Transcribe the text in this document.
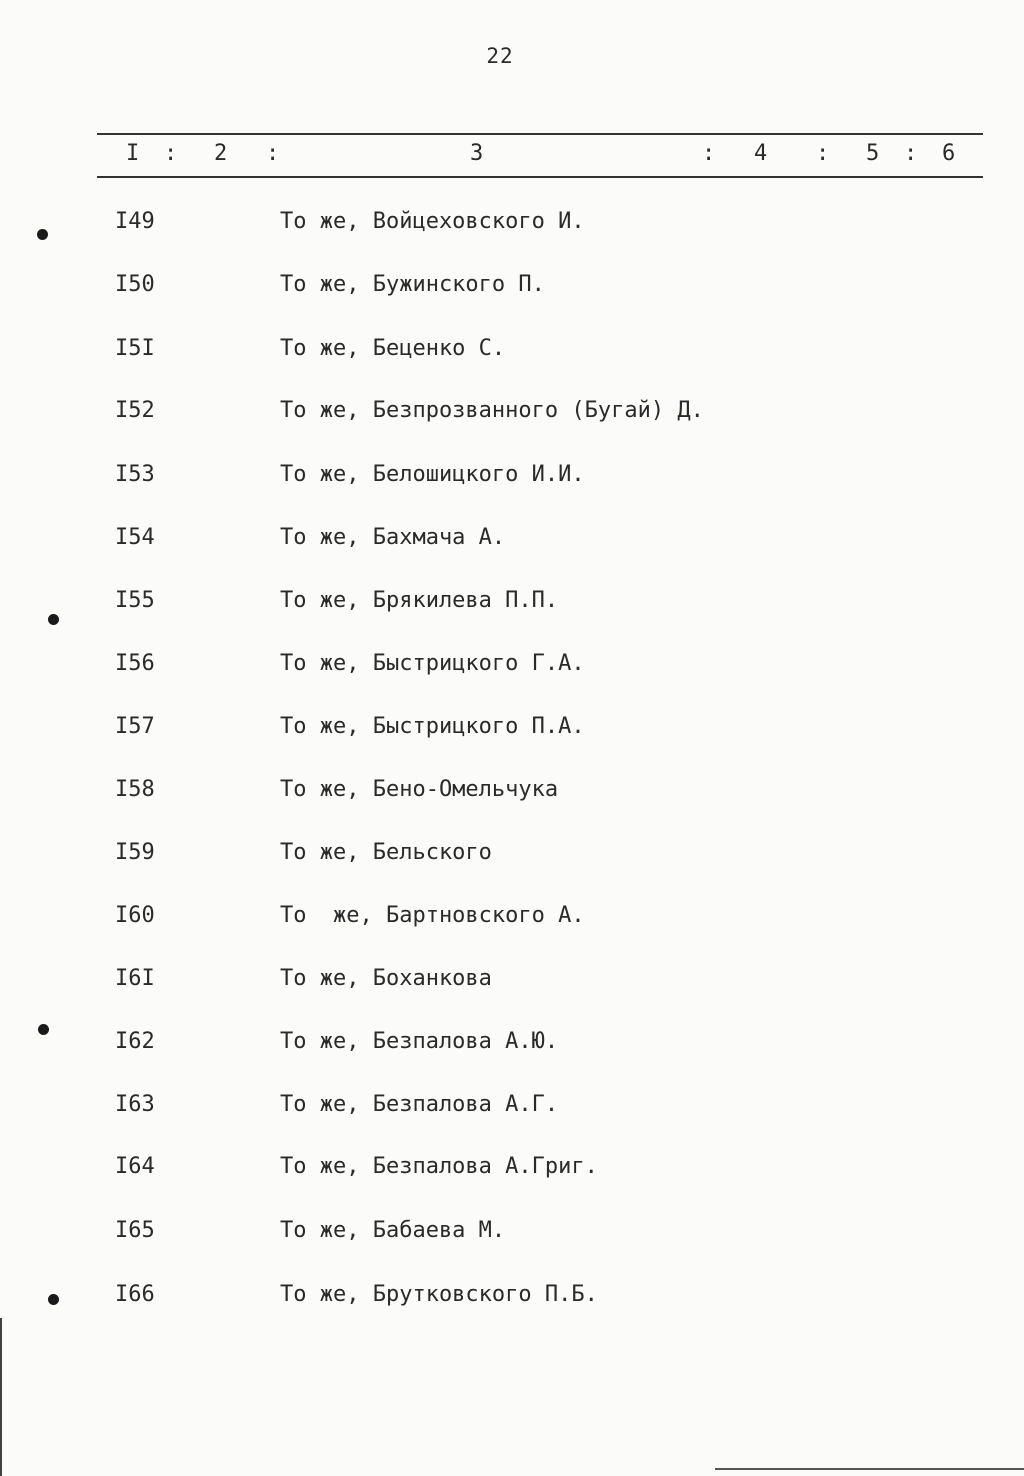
22
I : 2 :	3	: 4 : 5 : 6
I49	То же, Войцеховского И.
I50	То же, Бужинского П.
I5I	То же, Беценко С.
I52	То же, Безпрозванного (Бугай) Д.
I53	То же, Белошицкого И.И.
I54	То же, Бахмача А.
I55	То же, Брякилева П.П.
I56	То же, Быстрицкого Г.А.
I57	То же, Быстрицкого П.А.
I58	То же, Бено-Омельчука
I59	То же, Бельского
I60	То  же, Бартновского А.
I6I	То же, Боханкова
I62	То же, Безпалова А.Ю.
I63	То же, Безпалова А.Г.
I64	То же, Безпалова А.Григ.
I65	То же, Бабаева М.
I66	То же, Брутковского П.Б.
